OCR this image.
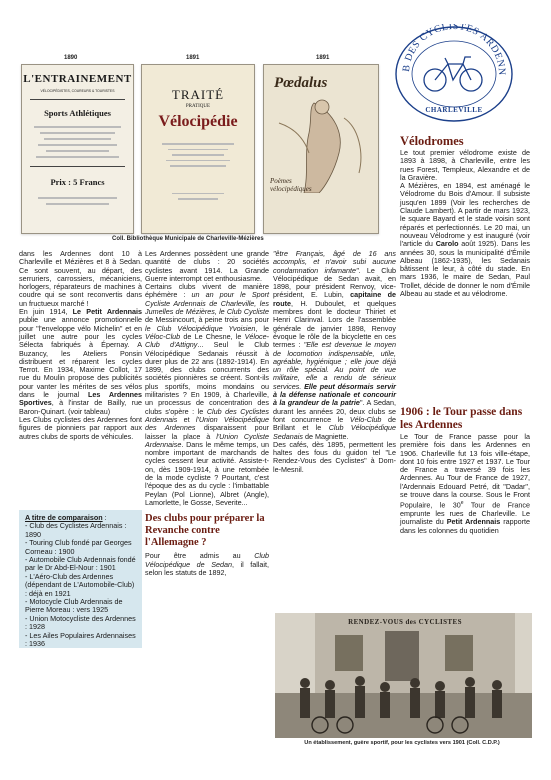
1890	1891	1891
L'ENTRAINEMENT
VÉLOCIPÉDISTES, COUREURS & TOURISTES
Sports Athlétiques
Prix : 5 Francs
TRAITÉ
PRATIQUE
Vélocipédie
Pœdalus
Poèmes vélocipédiques
Coll. Bibliothèque Municipale de Charleville-Mézières
B DES CYCLISTES ARDENN
CHARLEVILLE
Vélodromes

Le tout premier vélodrome existe de 1893 à 1898, à Charleville, entre les rues Forest, Templeux, Alexandre et de la Gravière.

A Mézières, en 1894, est aménagé le Vélodrome du Bois d'Amour. Il subsiste jusqu'en 1899 (Voir les recherches de Claude Lambert). A partir de mars 1923, le square Bayard et le stade voisin sont réparés et perfectionnés. Le 20 mai, un nouveau Vélodrome y est inauguré (voir l'article du Carolo août 1925). Dans les années 30, sous la municipalité d'Émile Albeau (1862-1935), les Sedanais bâtissent le leur, à côté du stade. En mars 1936, le maire de Sedan, Paul Trollet, décide de donner le nom d'Émile Albeau au stade et au vélodrome.

dans les Ardennes dont 10 à Charleville et Mézières et 8 à Sedan. Ce sont souvent, au départ, des serruriers, carrossiers, mécaniciens, horlogers, réparateurs de machines à coudre qui se sont reconvertis dans un fructueux marché !

En juin 1914, Le Petit Ardennais publie une annonce promotionnelle pour "l'enveloppe vélo Michelin" et en juillet une autre pour les cycles Sélecta fabriqués à Épernay. A Buzancy, les Ateliers Ponsin distribuent et réparent les cycles Terrot. En 1934, Maxime Collot, 17 rue du Moulin propose des publicités pour vanter les mérites de ses vélos dans le journal Les Ardennes Sportives, à l'instar de Bailly, rue Baron-Quinart. (voir tableau)

Les Clubs cyclistes des Ardennes font figures de pionniers par rapport aux autres clubs de sports de véhicules.

A titre de comparaison :
- Club des Cyclistes Ardennais : 1890
- Touring Club fondé par Georges Corneau : 1900
- Automobile Club Ardennais fondé par le Dr Abd-El-Nour : 1901
- L'Aéro-Club des Ardennes (dépendant de L'Automobile-Club) : déjà en 1921
- Motocycle Club Ardennais de Pierre Moreau : vers 1925
- Union Motocycliste des Ardennes : 1928
- Les Ailes Populaires Ardennaises : 1936

Les Ardennes possèdent une grande quantité de clubs : 20 sociétés cyclistes avant 1914. La Grande Guerre interrompt cet enthousiasme.

Certains clubs vivent de manière éphémère : un an pour le Sport Cycliste Ardennais de Charleville, les Jumelles de Mézières, le Club Cycliste de Messincourt, à peine trois ans pour le Club Vélocipédique Yvoisien, le Véloc-Club de Le Chesne, le Véloce-Club d'Attigny... Seul le Club Vélocipédique Sedanais réussit à durer plus de 22 ans (1892-1914). En 1899, des clubs concurrents des sociétés pionnières se créent. Sont-ils plus sportifs, moins mondains ou militaristes ? En 1909, à Charleville, un processus de concentration des clubs s'opère : le Club des Cyclistes Ardennais et l'Union Vélocipédique des Ardennes disparaissent pour laisser la place à l'Union Cycliste Ardennaise. Dans le même temps, un nombre important de marchands de cycles cessent leur activité. Assiste-t-on, dès 1909-1914, à une retombée de la mode cycliste ? Pourtant, c'est l'époque des as du cycle : l'imbattable Peylan (Pol Lionne), Albret (Angle), Lamorlette, le Gosse, Severite...

Des clubs pour préparer la Revanche contre l'Allemagne ?

Pour être admis au Club Vélocipédique de Sedan, il fallait, selon les statuts de 1892,

"être Français, âgé de 16 ans accomplis, et n'avoir subi aucune condamnation infamante". Le Club Vélocipédique de Sedan avait, en 1898, pour président Renvoy, vice-président, E. Lubin, capitaine de route, H. Duboulet, et quelques membres dont le docteur Thiriet et Henri Clarinval. Lors de l'assemblée générale de janvier 1898, Renvoy évoque le rôle de la bicyclette en ces termes : "Elle est devenue le moyen de locomotion indispensable, utile, agréable, hygiénique ; elle joue déjà un rôle spécial. Au point de vue militaire, elle a rendu de sérieux services. Elle peut désormais servir à la défense nationale et concourir à la grandeur de la patrie". A Sedan, durant les années 20, deux clubs se font concurrence le Vélo-Club de Brillant et le Club Vélocipédique Sedanais de Magniette.

Des cafés, dès 1895, permettent les haltes des fous du guidon tel "Le Rendez-Vous des Cyclistes" à Dom-le-Mesnil.

1906 : le Tour passe dans les Ardennes

Le Tour de France passe pour la première fois dans les Ardennes en 1906. Charleville fut 13 fois ville-étape, dont 10 fois entre 1927 et 1937. Le Tour de France a traversé 39 fois les Ardennes. Au Tour de France de 1927, l'Ardennais Edouard Petré, dit "Dadar", se trouve dans la course. Sous le Front Populaire, le 30e Tour de France emprunte les rues de Charleville. Le journaliste du Petit Ardennais rapporte dans les colonnes du quotidien

RENDEZ-VOUS des CYCLISTES
Un établissement, guère sportif, pour les cyclistes vers 1901 (Coll. C.D.P.)
